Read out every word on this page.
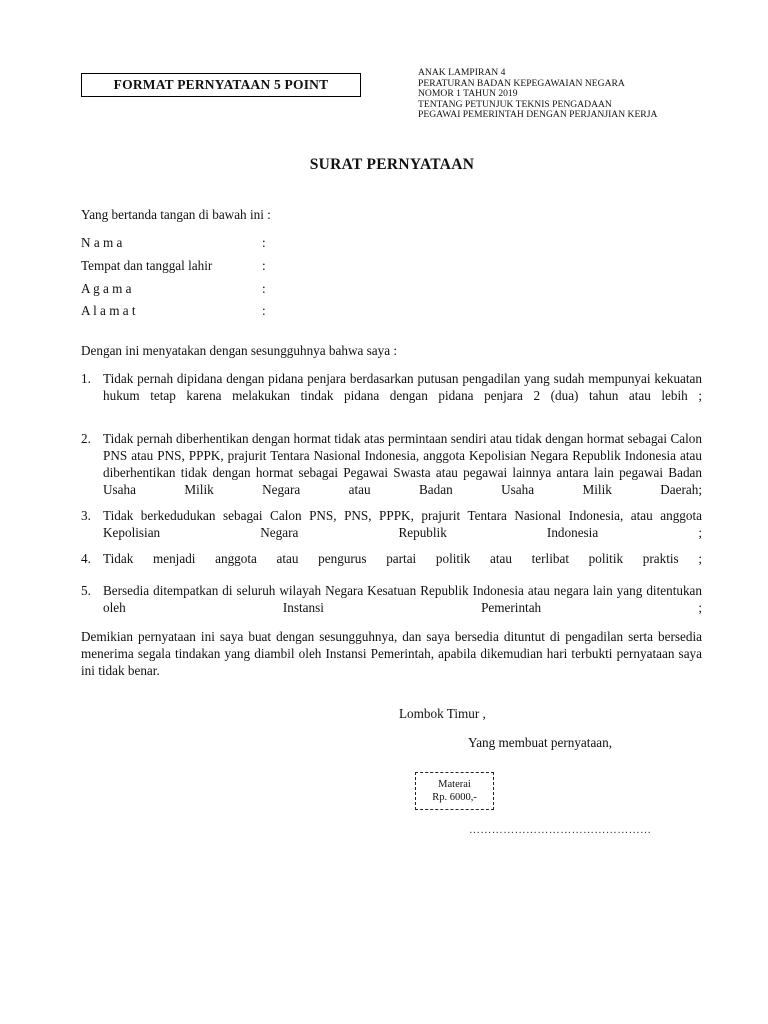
FORMAT PERNYATAAN 5 POINT
ANAK LAMPIRAN 4
PERATURAN BADAN KEPEGAWAIAN NEGARA
NOMOR 1 TAHUN 2019
TENTANG PETUNJUK TEKNIS PENGADAAN
PEGAWAI PEMERINTAH DENGAN PERJANJIAN KERJA
SURAT PERNYATAAN
Yang bertanda tangan di bawah ini :
N a m a	:
Tempat dan tanggal lahir	:
A g a m a	:
A l a m a t	:
Dengan ini menyatakan dengan sesungguhnya bahwa saya :
1. Tidak pernah dipidana dengan pidana penjara berdasarkan putusan pengadilan yang sudah mempunyai kekuatan hukum tetap karena melakukan tindak pidana dengan pidana penjara 2 (dua) tahun atau lebih ;
2. Tidak pernah diberhentikan dengan hormat tidak atas permintaan sendiri atau tidak dengan hormat sebagai Calon PNS atau PNS, PPPK, prajurit Tentara Nasional Indonesia, anggota Kepolisian Negara Republik Indonesia atau diberhentikan tidak dengan hormat sebagai Pegawai Swasta atau pegawai lainnya antara lain pegawai Badan Usaha Milik Negara atau Badan Usaha Milik Daerah;
3. Tidak berkedudukan sebagai Calon PNS, PNS, PPPK, prajurit Tentara Nasional Indonesia, atau anggota Kepolisian Negara Republik Indonesia ;
4. Tidak menjadi anggota atau pengurus partai politik atau terlibat politik praktis ;
5. Bersedia ditempatkan di seluruh wilayah Negara Kesatuan Republik Indonesia atau negara lain yang ditentukan oleh Instansi Pemerintah ;
Demikian pernyataan ini saya buat dengan sesungguhnya, dan saya bersedia dituntut di pengadilan serta bersedia menerima segala tindakan yang diambil oleh Instansi Pemerintah, apabila dikemudian hari terbukti pernyataan saya ini tidak benar.
Lombok Timur ,
Yang membuat pernyataan,
Materai
Rp. 6000,-
…………………………………………
